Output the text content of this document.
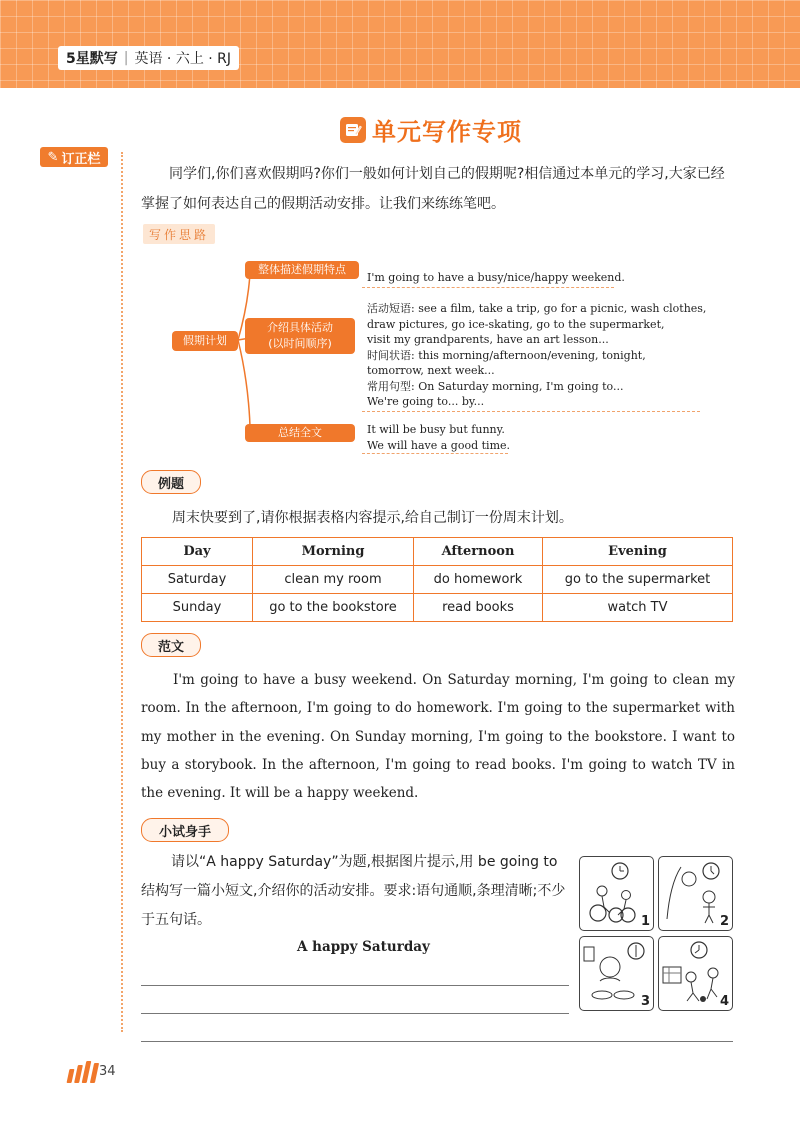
5星默写 | 英语 · 六上 · RJ
单元写作专项
✎ 订正栏
同学们,你们喜欢假期吗?你们一般如何计划自己的假期呢?相信通过本单元的学习,大家已经掌握了如何表达自己的假期活动安排。让我们来练练笔吧。
写作思路
假期计划
整体描述假期特点
I'm going to have a busy/nice/happy weekend.
介绍具体活动
(以时间顺序)
活动短语: see a film, take a trip, go for a picnic, wash clothes,
draw pictures, go ice-skating, go to the supermarket,
visit my grandparents, have an art lesson...
时间状语: this morning/afternoon/evening, tonight,
tomorrow, next week...
常用句型: On Saturday morning, I'm going to...
We're going to... by...
总结全文	It will be busy but funny.
We will have a good time.
例题
周末快要到了,请你根据表格内容提示,给自己制订一份周末计划。
Day	Morning	Afternoon	Evening
Saturday	clean my room	do homework	go to the supermarket
Sunday	go to the bookstore	read books	watch TV
范文
I'm going to have a busy weekend. On Saturday morning, I'm going to clean my room. In the afternoon, I'm going to do homework. I'm going to the supermarket with my mother in the evening. On Sunday morning, I'm going to the bookstore. I want to buy a storybook. In the afternoon, I'm going to read books. I'm going to watch TV in the evening. It will be a happy weekend.
小试身手
请以“A happy Saturday”为题,根据图片提示,用 be going to 结构写一篇小短文,介绍你的活动安排。要求:语句通顺,条理清晰;不少于五句话。
A happy Saturday
1	2
3	4
34
